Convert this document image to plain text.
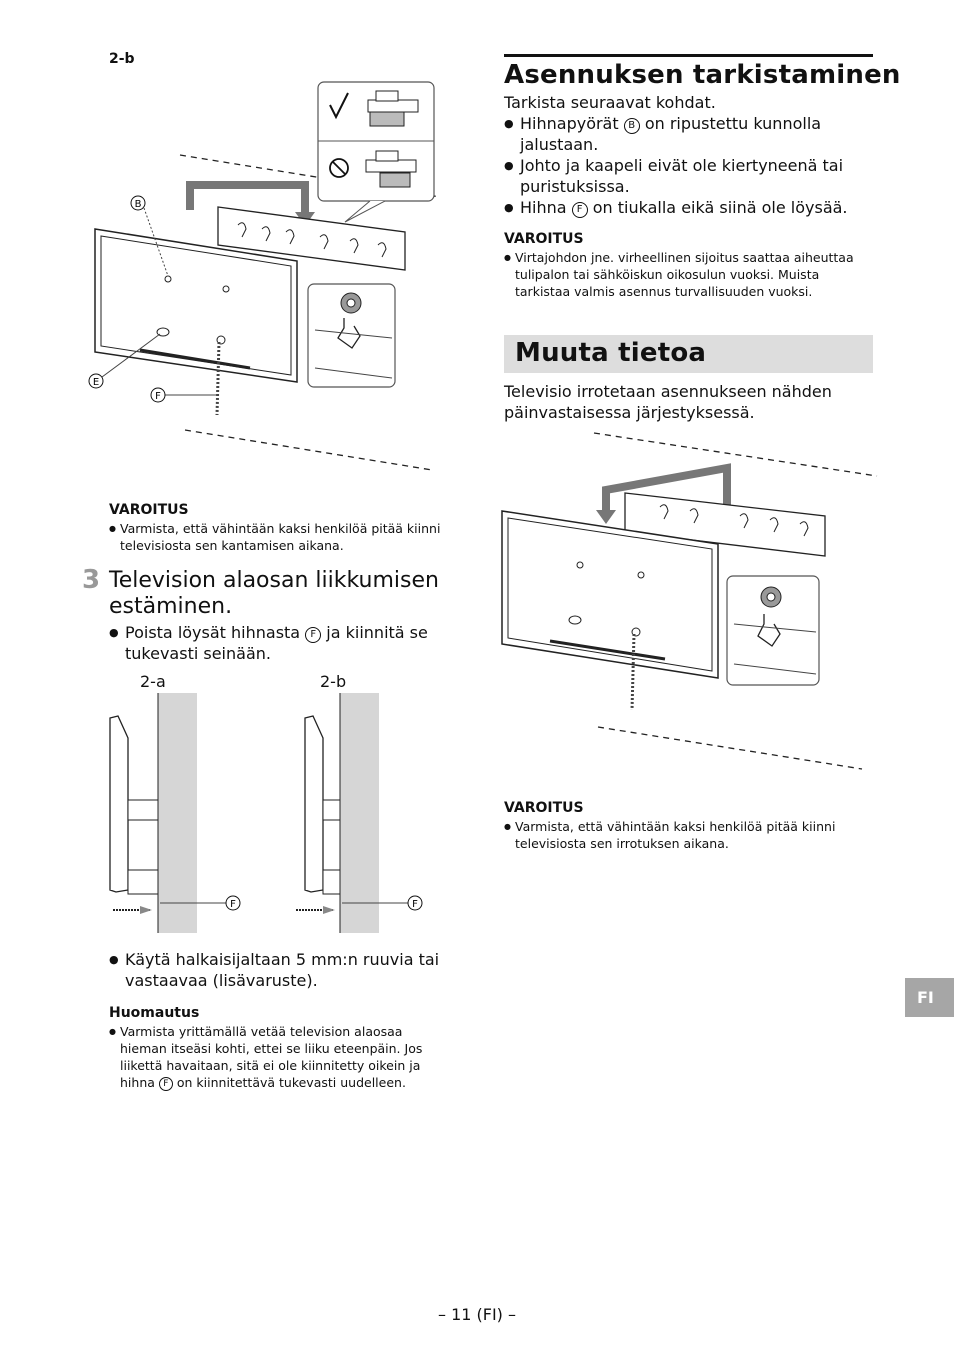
2-b
B
E
F
VAROITUS
● Varmista, että vähintään kaksi henkilöä pitää kiinni televisiosta sen kantamisen aikana.
3 Television alaosan liikkumisen estäminen.
● Poista löysät hihnasta F ja kiinnitä se tukevasti seinään.
2-a	2-b
F	F
● Käytä halkaisijaltaan 5 mm:n ruuvia tai vastaavaa (lisävaruste).
Huomautus
● Varmista yrittämällä vetää television alaosaa hieman itseäsi kohti, ettei se liiku eteenpäin. Jos liikettä havaitaan, sitä ei ole kiinnitetty oikein ja hihna F on kiinnitettävä tukevasti uudelleen.
Asennuksen tarkistaminen
Tarkista seuraavat kohdat.
● Hihnapyörät B on ripustettu kunnolla jalustaan.
● Johto ja kaapeli eivät ole kiertyneenä tai puristuksissa.
● Hihna F on tiukalla eikä siinä ole löysää.
VAROITUS
● Virtajohdon jne. virheellinen sijoitus saattaa aiheuttaa tulipalon tai sähköiskun oikosulun vuoksi. Muista tarkistaa valmis asennus turvallisuuden vuoksi.
Muuta tietoa
Televisio irrotetaan asennukseen nähden päinvastaisessa järjestyksessä.
VAROITUS
● Varmista, että vähintään kaksi henkilöä pitää kiinni televisiosta sen irrotuksen aikana.
FI
– 11 (FI) –
